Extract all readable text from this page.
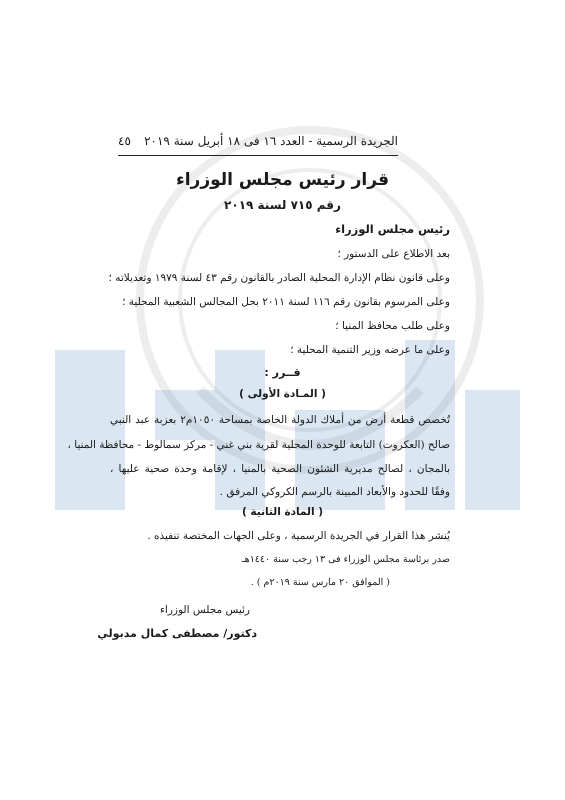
الجريدة الرسمية - العدد ١٦ فى ١٨ أبريل سنة ٢٠١٩
٤٥
قرار رئيس مجلس الوزراء
رقم ٧١٥ لسنة ٢٠١٩
رئيس مجلس الوزراء
بعد الاطلاع على الدستور ؛
وعلى قانون نظام الإدارة المحلية الصادر بالقانون رقم ٤٣ لسنة ١٩٧٩ وتعديلاته ؛
وعلى المرسوم بقانون رقم ١١٦ لسنة ٢٠١١ بحل المجالس الشعبية المحلية ؛
وعلى طلب محافظ المنيا ؛
وعلى ما عرضه وزير التنمية المحلية ؛
قــرر :
( المـادة الأولى )
تُخصص قطعة أرض من أملاك الدولة الخاصة بمساحة ١٠٥٠م٢ بعزبة عبد النبي
صالح (العكروت) التابعة للوحدة المحلية لقرية بني غني - مركز سمالوط - محافظة المنيا ،
بالمجان ، لصالح مديرية الشئون الصحية بالمنيا ، لإقامة وحدة صحية عليها ،
وفقًا للحدود والأبعاد المبينة بالرسم الكروكي المرفق .
( المادة الثانية )
يُنشر هذا القرار في الجريدة الرسمية ، وعلى الجهات المختصة تنفيذه .
صدر برئاسة مجلس الوزراء فى ١٣ رجب سنة ١٤٤٠هـ
( الموافق ٢٠ مارس سنة ٢٠١٩م ) .
رئيس مجلس الوزراء
دكتور/ مصطفى كمال مدبولي
